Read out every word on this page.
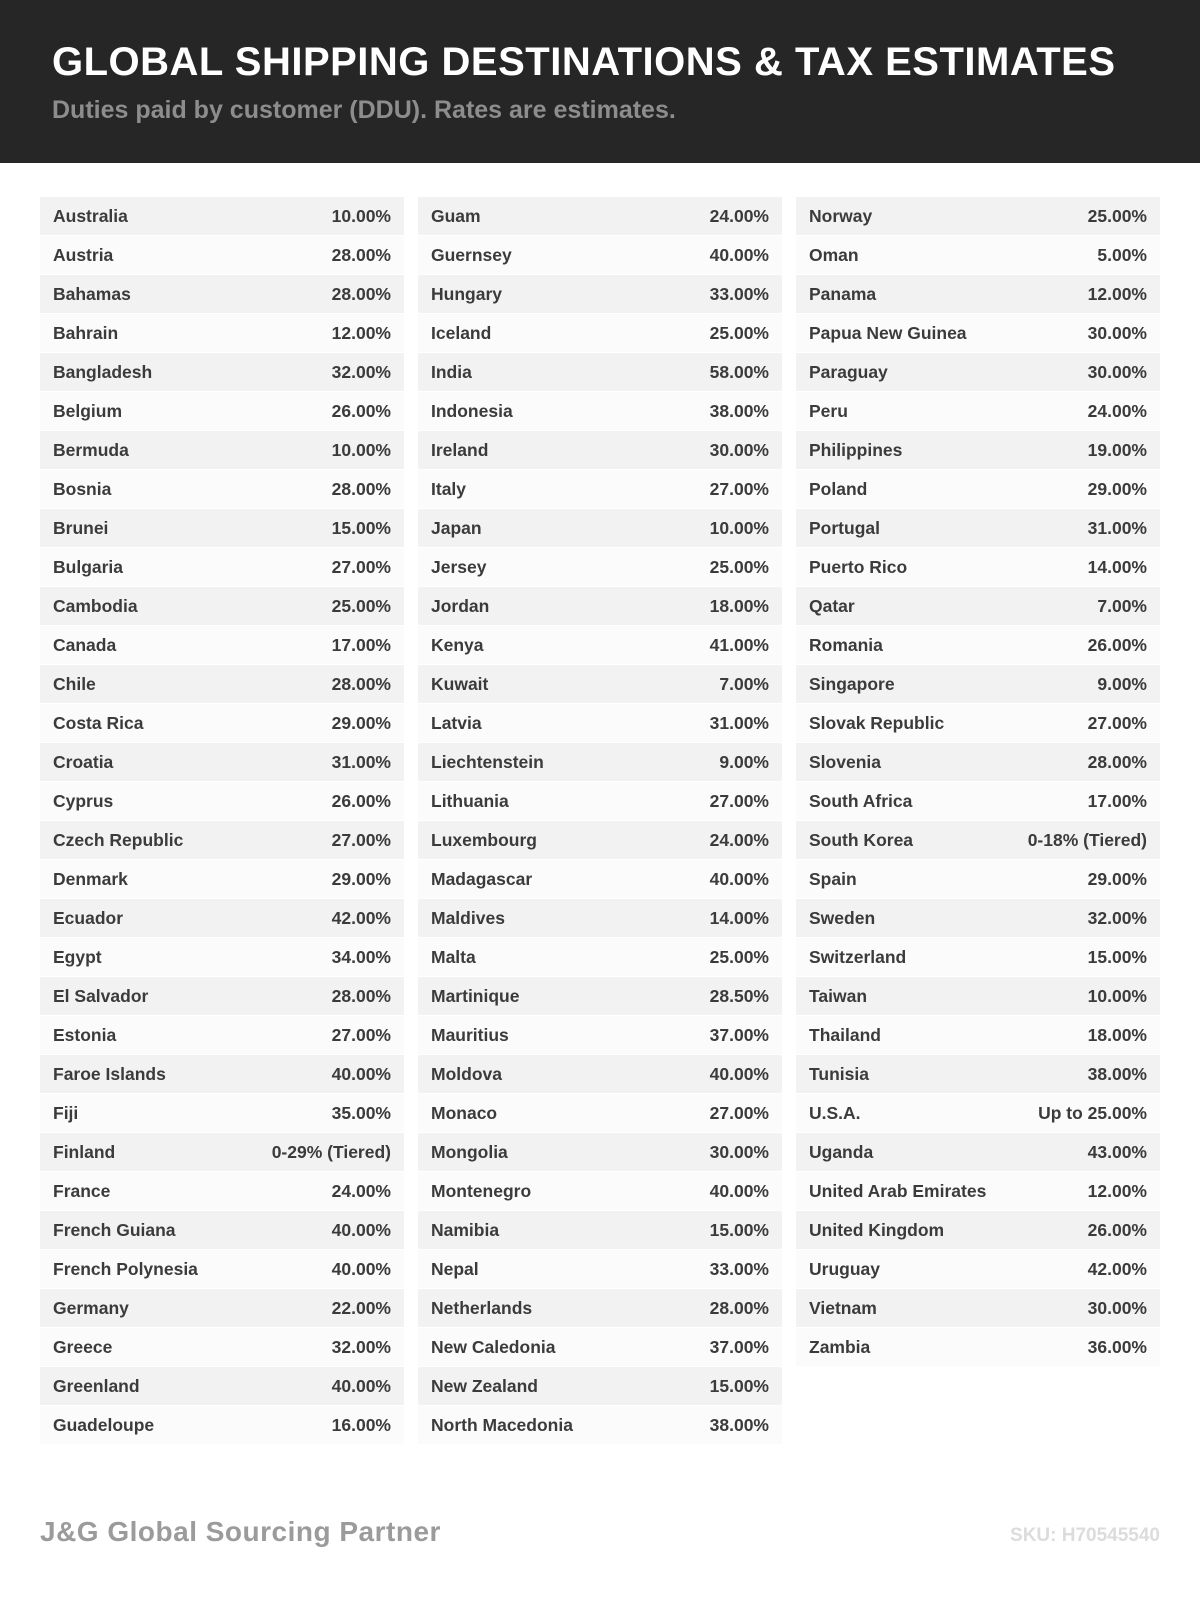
GLOBAL SHIPPING DESTINATIONS & TAX ESTIMATES
Duties paid by customer (DDU). Rates are estimates.
Australia	10.00%
Austria	28.00%
Bahamas	28.00%
Bahrain	12.00%
Bangladesh	32.00%
Belgium	26.00%
Bermuda	10.00%
Bosnia	28.00%
Brunei	15.00%
Bulgaria	27.00%
Cambodia	25.00%
Canada	17.00%
Chile	28.00%
Costa Rica	29.00%
Croatia	31.00%
Cyprus	26.00%
Czech Republic	27.00%
Denmark	29.00%
Ecuador	42.00%
Egypt	34.00%
El Salvador	28.00%
Estonia	27.00%
Faroe Islands	40.00%
Fiji	35.00%
Finland	0-29% (Tiered)
France	24.00%
French Guiana	40.00%
French Polynesia	40.00%
Germany	22.00%
Greece	32.00%
Greenland	40.00%
Guadeloupe	16.00%
Guam	24.00%
Guernsey	40.00%
Hungary	33.00%
Iceland	25.00%
India	58.00%
Indonesia	38.00%
Ireland	30.00%
Italy	27.00%
Japan	10.00%
Jersey	25.00%
Jordan	18.00%
Kenya	41.00%
Kuwait	7.00%
Latvia	31.00%
Liechtenstein	9.00%
Lithuania	27.00%
Luxembourg	24.00%
Madagascar	40.00%
Maldives	14.00%
Malta	25.00%
Martinique	28.50%
Mauritius	37.00%
Moldova	40.00%
Monaco	27.00%
Mongolia	30.00%
Montenegro	40.00%
Namibia	15.00%
Nepal	33.00%
Netherlands	28.00%
New Caledonia	37.00%
New Zealand	15.00%
North Macedonia	38.00%
Norway	25.00%
Oman	5.00%
Panama	12.00%
Papua New Guinea	30.00%
Paraguay	30.00%
Peru	24.00%
Philippines	19.00%
Poland	29.00%
Portugal	31.00%
Puerto Rico	14.00%
Qatar	7.00%
Romania	26.00%
Singapore	9.00%
Slovak Republic	27.00%
Slovenia	28.00%
South Africa	17.00%
South Korea	0-18% (Tiered)
Spain	29.00%
Sweden	32.00%
Switzerland	15.00%
Taiwan	10.00%
Thailand	18.00%
Tunisia	38.00%
U.S.A.	Up to 25.00%
Uganda	43.00%
United Arab Emirates	12.00%
United Kingdom	26.00%
Uruguay	42.00%
Vietnam	30.00%
Zambia	36.00%
J&G Global Sourcing Partner	SKU: H70545540
